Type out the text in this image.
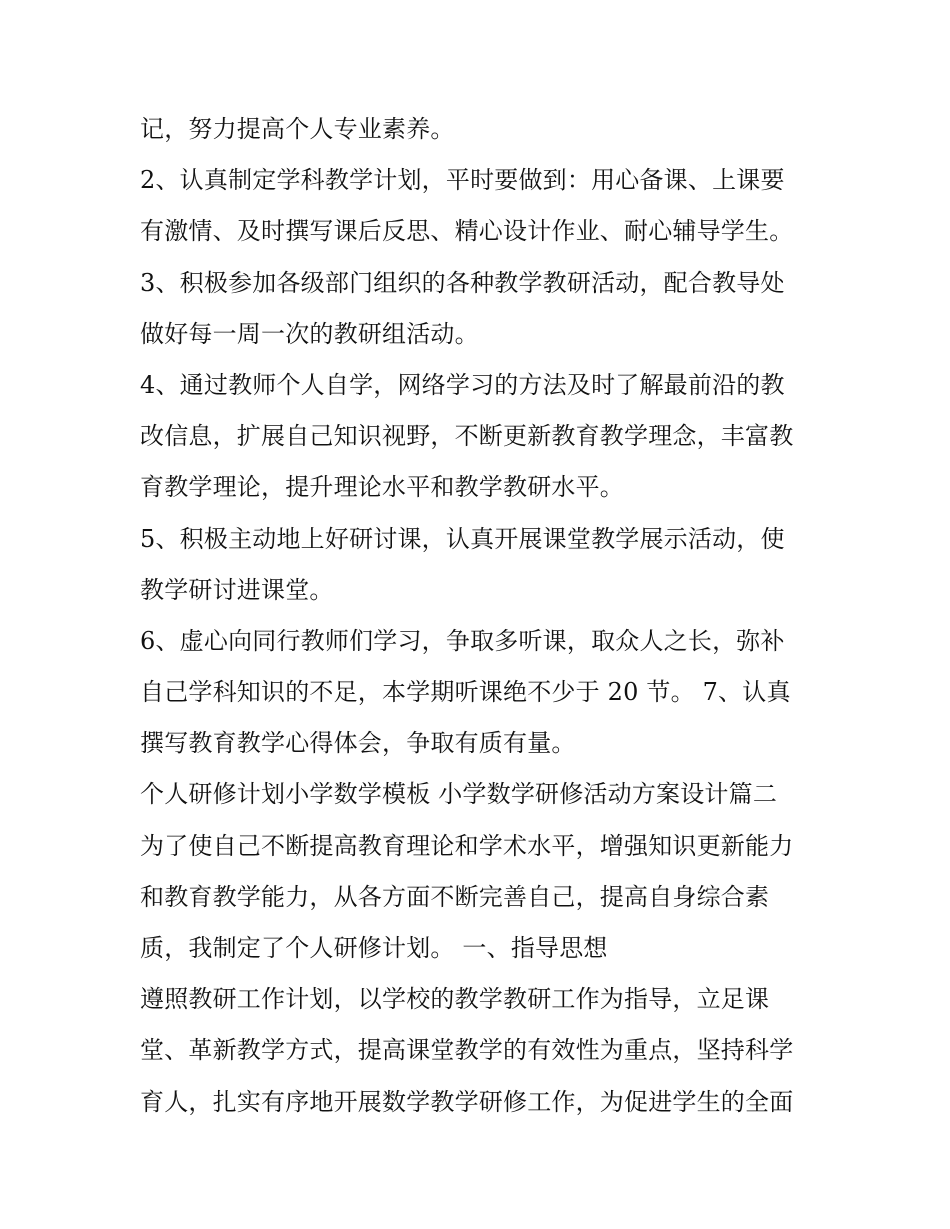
记，努力提高个人专业素养。
2、认真制定学科教学计划，平时要做到：用心备课、上课要
有激情、及时撰写课后反思、精心设计作业、耐心辅导学生。
3、积极参加各级部门组织的各种教学教研活动，配合教导处
做好每一周一次的教研组活动。
4、通过教师个人自学，网络学习的方法及时了解最前沿的教
改信息，扩展自己知识视野，不断更新教育教学理念，丰富教
育教学理论，提升理论水平和教学教研水平。
5、积极主动地上好研讨课，认真开展课堂教学展示活动，使
教学研讨进课堂。
6、虚心向同行教师们学习，争取多听课，取众人之长，弥补
自己学科知识的不足，本学期听课绝不少于 20 节。 7、认真
撰写教育教学心得体会，争取有质有量。
个人研修计划小学数学模板 小学数学研修活动方案设计篇二
为了使自己不断提高教育理论和学术水平，增强知识更新能力
和教育教学能力，从各方面不断完善自己，提高自身综合素
质，我制定了个人研修计划。 一、指导思想
遵照教研工作计划，以学校的教学教研工作为指导，立足课
堂、革新教学方式，提高课堂教学的有效性为重点，坚持科学
育人，扎实有序地开展数学教学研修工作，为促进学生的全面
